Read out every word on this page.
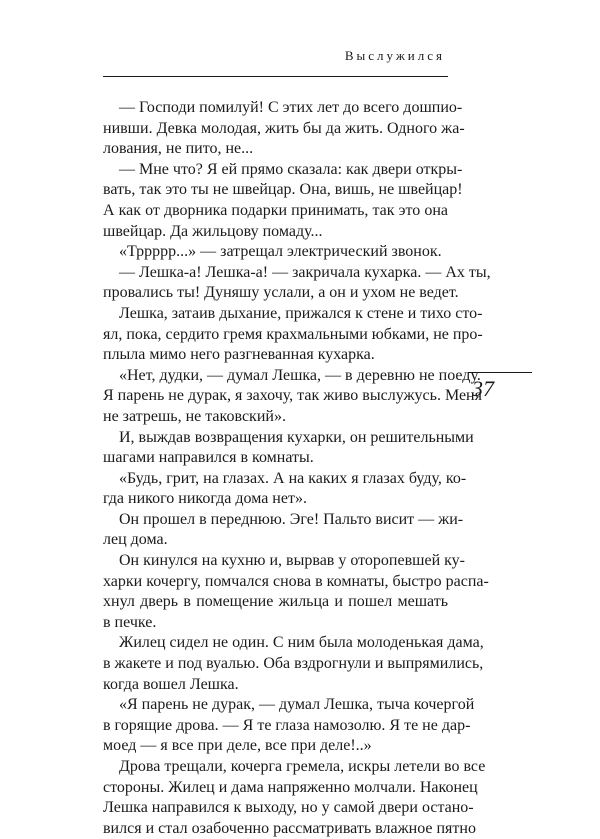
Выслужился
— Господи помилуй! С этих лет до всего дошпио-
нивши. Девка молодая, жить бы да жить. Одного жа-
лования, не пито, не...
— Мне что? Я ей прямо сказала: как двери откры-
вать, так это ты не швейцар. Она, вишь, не швейцар!
А как от дворника подарки принимать, так это она
швейцар. Да жильцову помаду...
«Тррррр...» — затрещал электрический звонок.
— Лешка-а! Лешка-а! — закричала кухарка. — Ах ты,
провались ты! Дуняшу услали, а он и ухом не ведет.
Лешка, затаив дыхание, прижался к стене и тихо сто-
ял, пока, сердито гремя крахмальными юбками, не про-
плыла мимо него разгневанная кухарка.
«Нет, дудки, — думал Лешка, — в деревню не поеду.
Я парень не дурак, я захочу, так живо выслужусь. Меня
не затрешь, не таковский».
И, выждав возвращения кухарки, он решительными
шагами направился в комнаты.
«Будь, грит, на глазах. А на каких я глазах буду, ко-
гда никого никогда дома нет».
Он прошел в переднюю. Эге! Пальто висит — жи-
лец дома.
Он кинулся на кухню и, вырвав у оторопевшей ку-
харки кочергу, помчался снова в комнаты, быстро распа-
хнул дверь в помещение жильца и пошел мешать
в печке.
Жилец сидел не один. С ним была молоденькая дама,
в жакете и под вуалью. Оба вздрогнули и выпрямились,
когда вошел Лешка.
«Я парень не дурак, — думал Лешка, тыча кочергой
в горящие дрова. — Я те глаза намозолю. Я те не дар-
моед — я все при деле, все при деле!..»
Дрова трещали, кочерга гремела, искры летели во все
стороны. Жилец и дама напряженно молчали. Наконец
Лешка направился к выходу, но у самой двери остано-
вился и стал озабоченно рассматривать влажное пятно
37
